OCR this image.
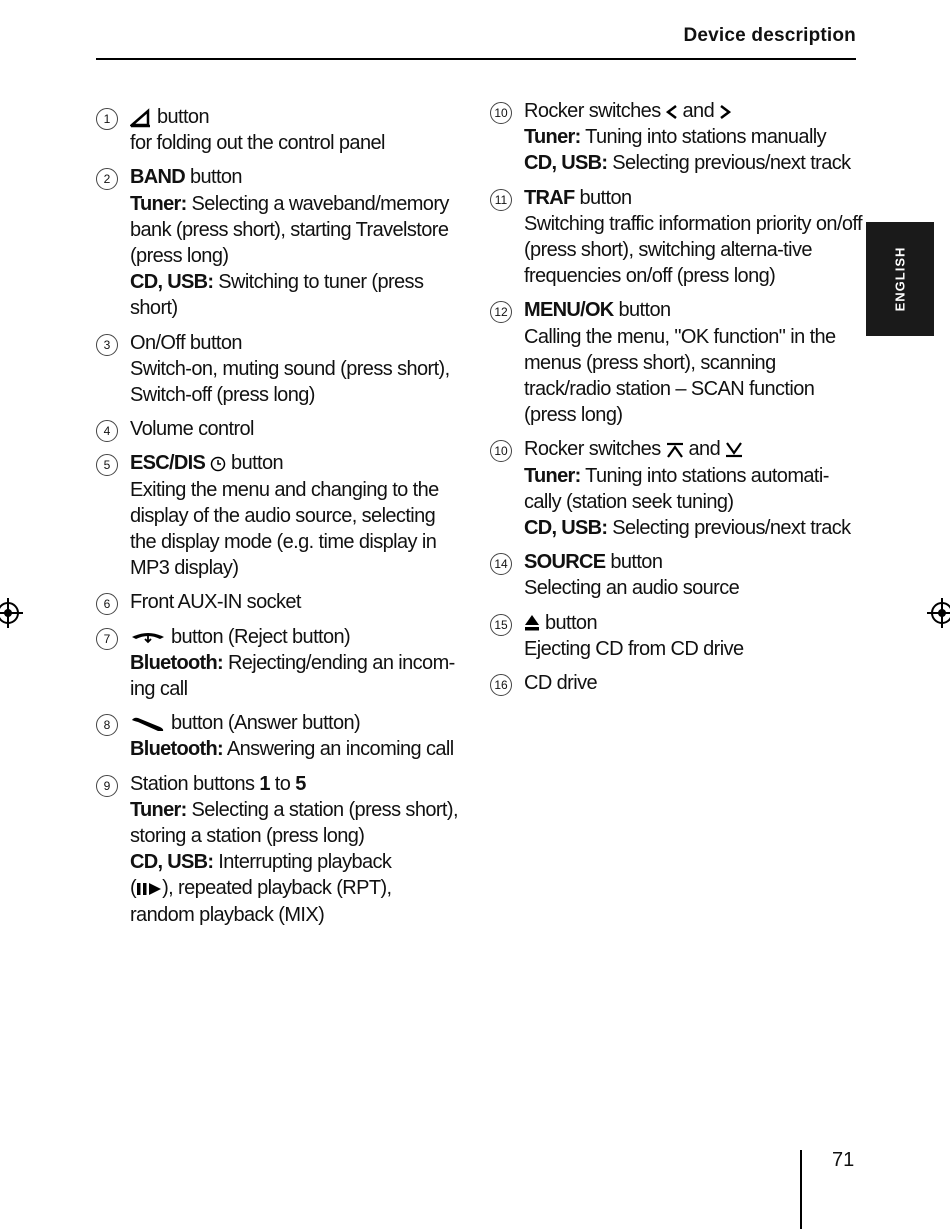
Device description
ENGLISH
1	button
for folding out the control panel
2 BAND button
Tuner: Selecting a waveband/memory bank (press short), starting Travelstore (press long)
CD, USB: Switching to tuner (press short)
3 On/Off button
Switch-on, muting sound (press short),
Switch-off (press long)
4 Volume control
5 ESC/DIS  button
Exiting the menu and changing to the display of the audio source, selecting the display mode (e.g. time display in MP3 display)
6 Front AUX-IN socket
7	button (Reject button)
Bluetooth: Rejecting/ending an incom-ing call
8	button (Answer button)
Bluetooth: Answering an incoming call
9 Station buttons 1 to 5
Tuner: Selecting a station (press short), storing a station (press long)
CD, USB: Interrupting playback
( ), repeated playback (RPT),
random playback (MIX)
10 Rocker switches  and
Tuner: Tuning into stations manually
CD, USB: Selecting previous/next track
11 TRAF button
Switching traffic information priority on/off (press short), switching alterna-tive frequencies on/off (press long)
12 MENU/OK button
Calling the menu, "OK function" in the menus (press short), scanning track/radio station – SCAN function (press long)
10 Rocker switches  and
Tuner: Tuning into stations automati-cally (station seek tuning)
CD, USB: Selecting previous/next track
14 SOURCE button
Selecting an audio source
15 button
Ejecting CD from CD drive
16 CD drive
71
